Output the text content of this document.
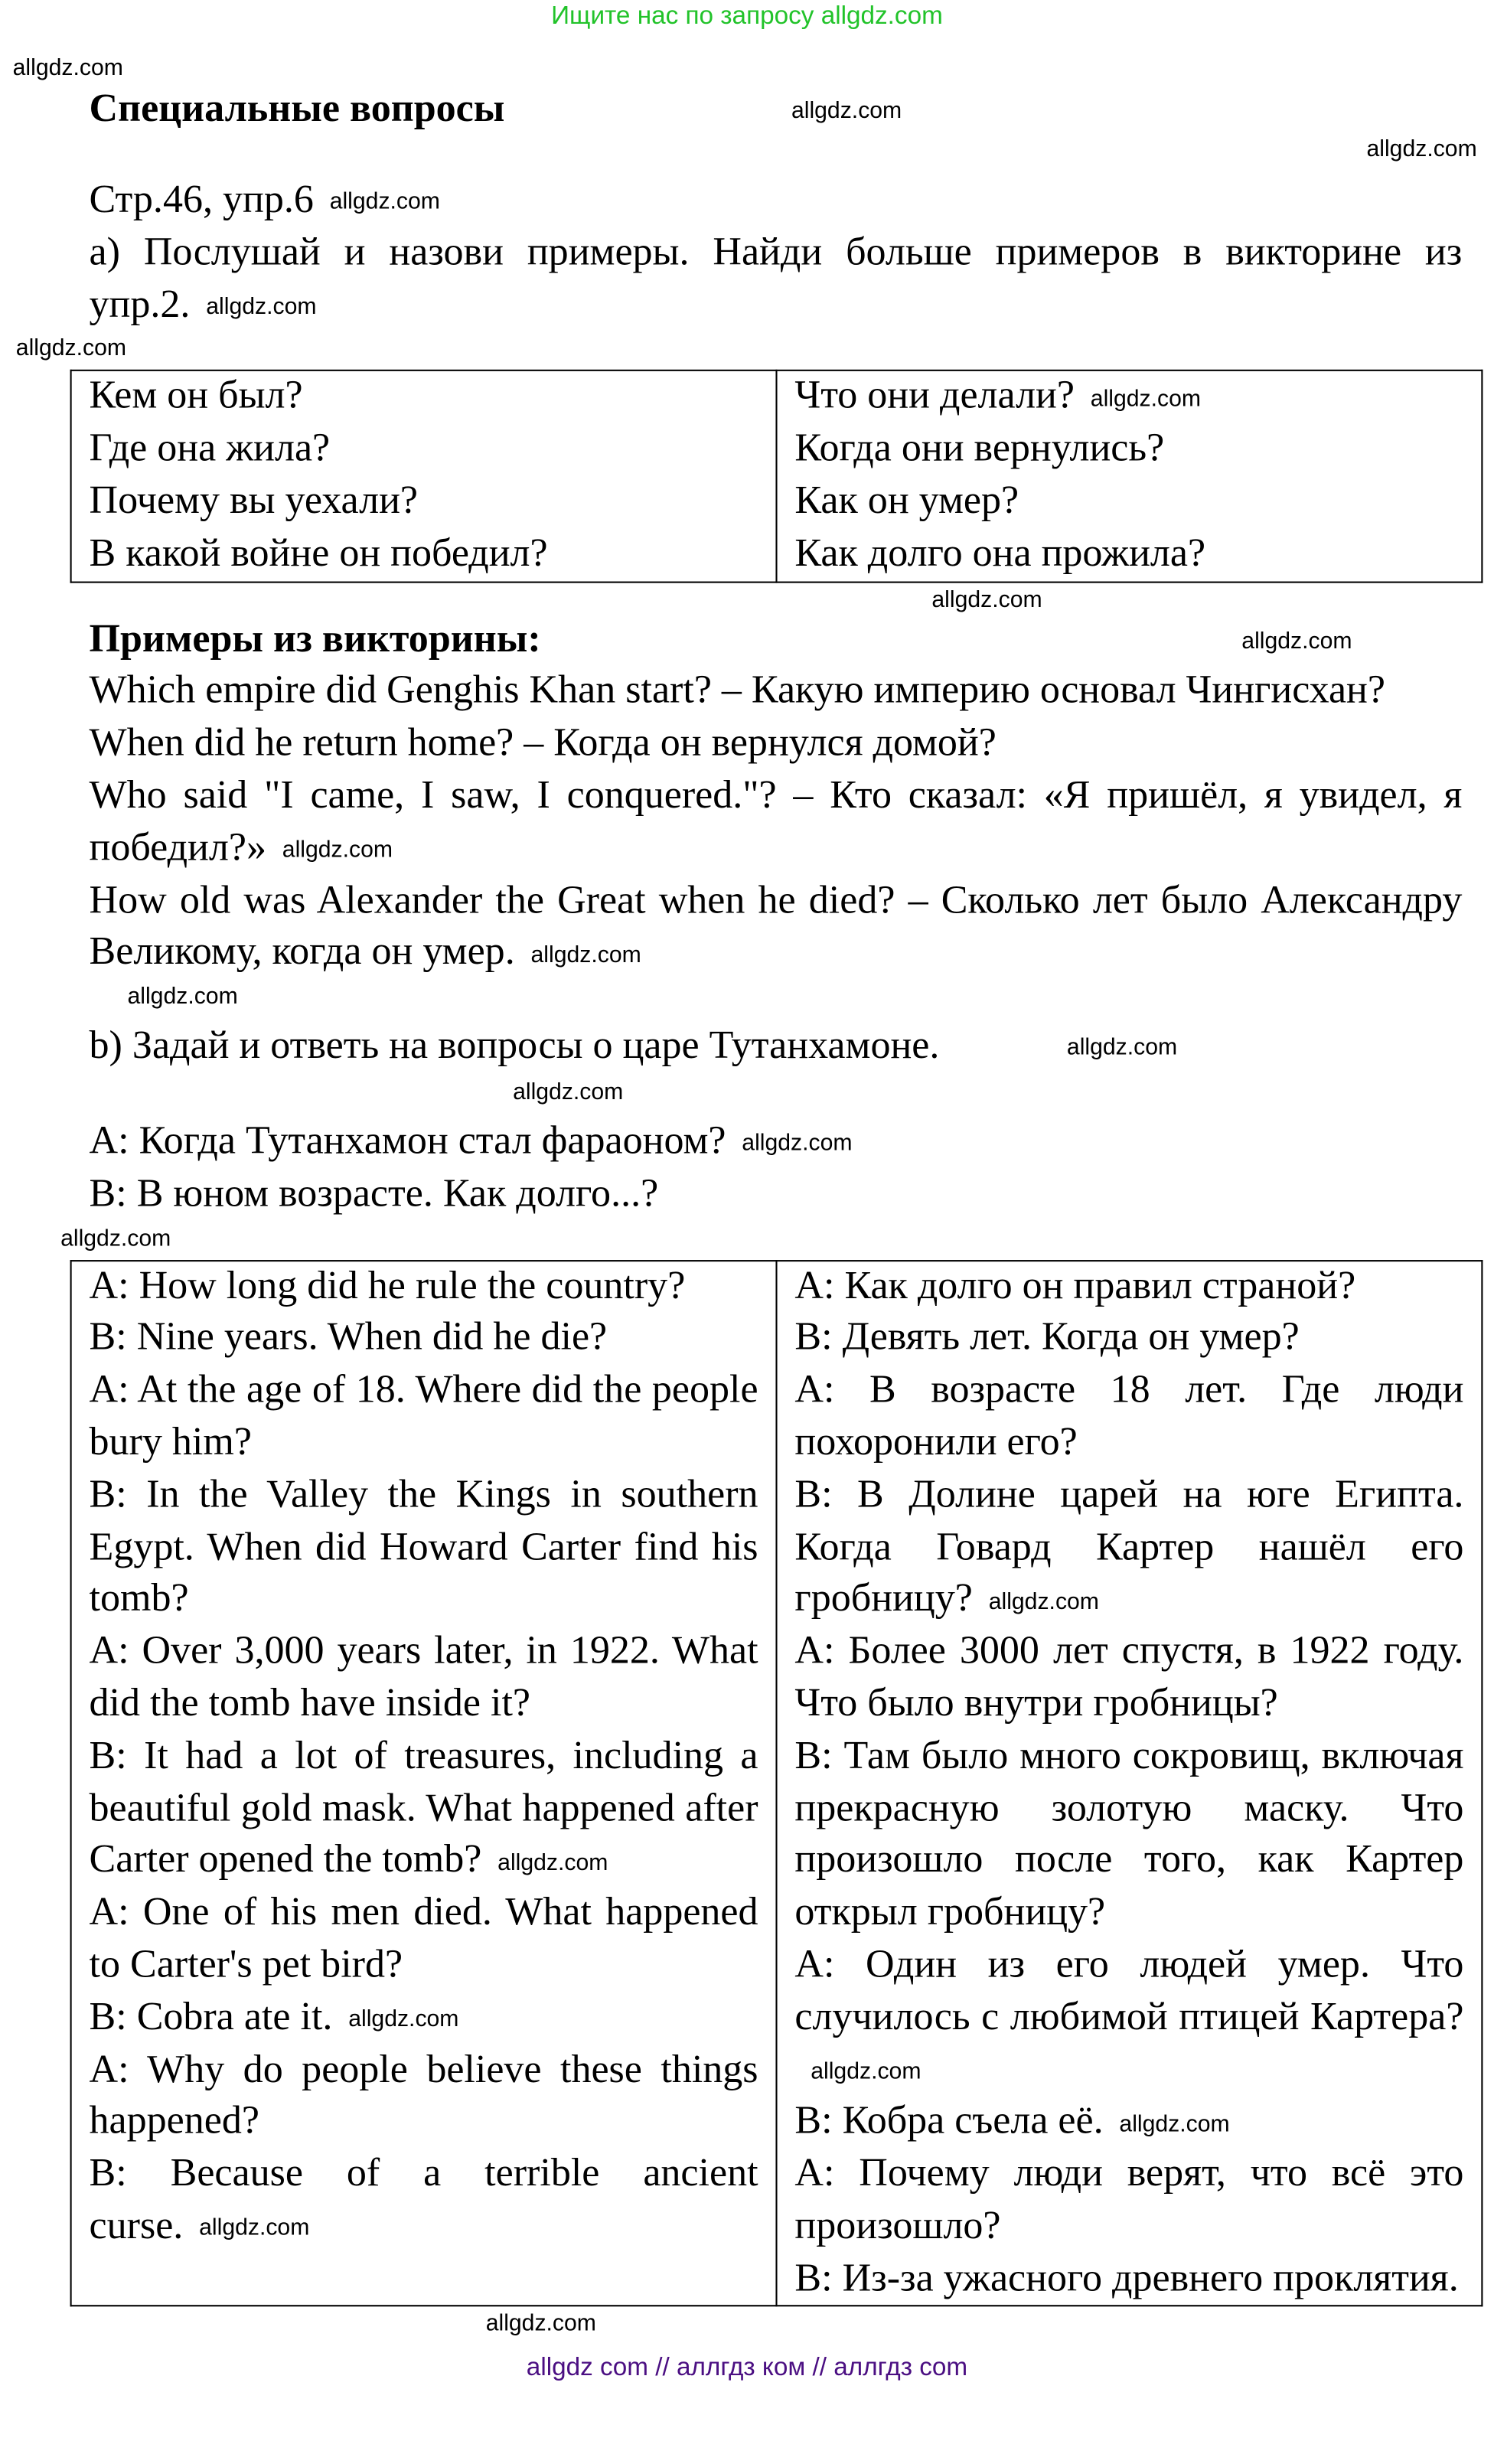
Ищите нас по запросу allgdz.com
allgdz.com
Специальные вопросы	allgdz.com
allgdz.com
Стр.46, упр.6 allgdz.com
а) Послушай и назови примеры. Найди больше примеров в викторине из упр.2. allgdz.com
allgdz.com
Кем он был?
Где она жила?
Почему вы уехали?
В какой войне он победил?

Что они делали? allgdz.com
Когда они вернулись?
Как он умер?
Как долго она прожила?
allgdz.com
Примеры из викторины:	allgdz.com
Which empire did Genghis Khan start? – Какую империю основал Чингисхан?
When did he return home? – Когда он вернулся домой?
Who said "I came, I saw, I conquered."? – Кто сказал: «Я пришёл, я увидел, я победил?» allgdz.com
How old was Alexander the Great when he died? – Сколько лет было Александру Великому, когда он умер. allgdz.com
allgdz.com
b) Задай и ответь на вопросы о царе Тутанхамоне.	allgdz.com
allgdz.com
А: Когда Тутанхамон стал фараоном? allgdz.com
В: В юном возрасте. Как долго...?
allgdz.com
A: How long did he rule the country?
B: Nine years. When did he die?
A: At the age of 18. Where did the people bury him?
B: In the Valley the Kings in southern Egypt. When did Howard Carter find his tomb?
A: Over 3,000 years later, in 1922. What did the tomb have inside it?
B: It had a lot of treasures, including a beautiful gold mask. What happened after Carter opened the tomb? allgdz.com
A: One of his men died. What happened to Carter's pet bird?
B: Cobra ate it. allgdz.com
A: Why do people believe these things happened?
B: Because of a terrible ancient curse. allgdz.com

А: Как долго он правил страной?
В: Девять лет. Когда он умер?
А: В возрасте 18 лет. Где люди похоронили его?
В: В Долине царей на юге Египта. Когда Говард Картер нашёл его гробницу? allgdz.com
А: Более 3000 лет спустя, в 1922 году. Что было внутри гробницы?
В: Там было много сокровищ, включая прекрасную золотую маску. Что произошло после того, как Картер открыл гробницу?
А: Один из его людей умер. Что случилось с любимой птицей Картера?allgdz.com
В: Кобра съела её. allgdz.com
А: Почему люди верят, что всё это произошло?
В: Из-за ужасного древнего проклятия.
allgdz.com
allgdz com // аллгдз ком // аллгдз com
